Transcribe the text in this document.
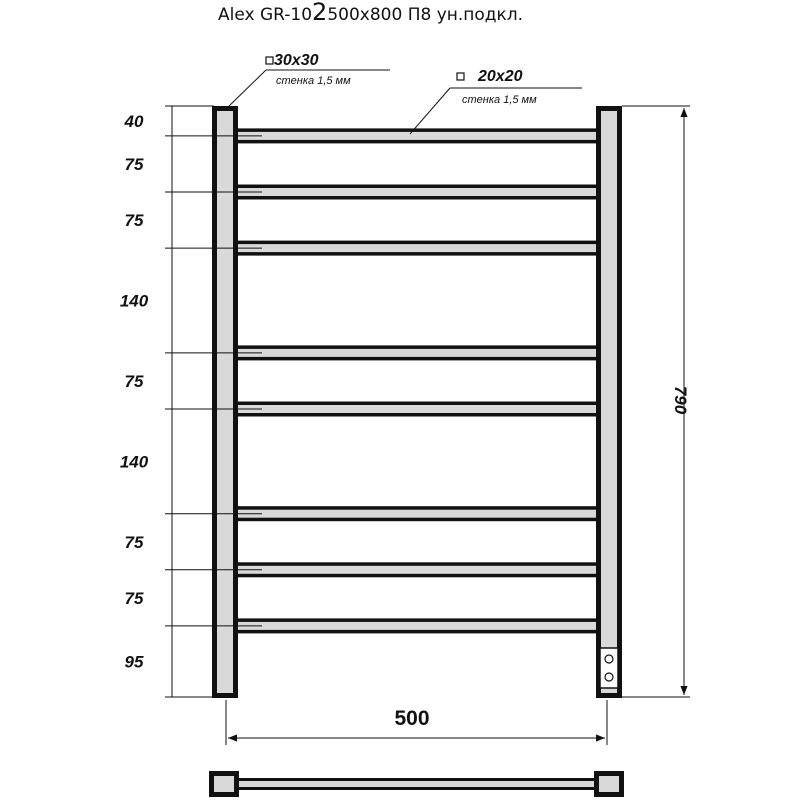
Alex GR-102500x800 П8 ун.подкл.
40
75
75
140
75
140
75
75
95
30x30
стенка 1,5 мм	20x20
стенка 1,5 мм
790
500
